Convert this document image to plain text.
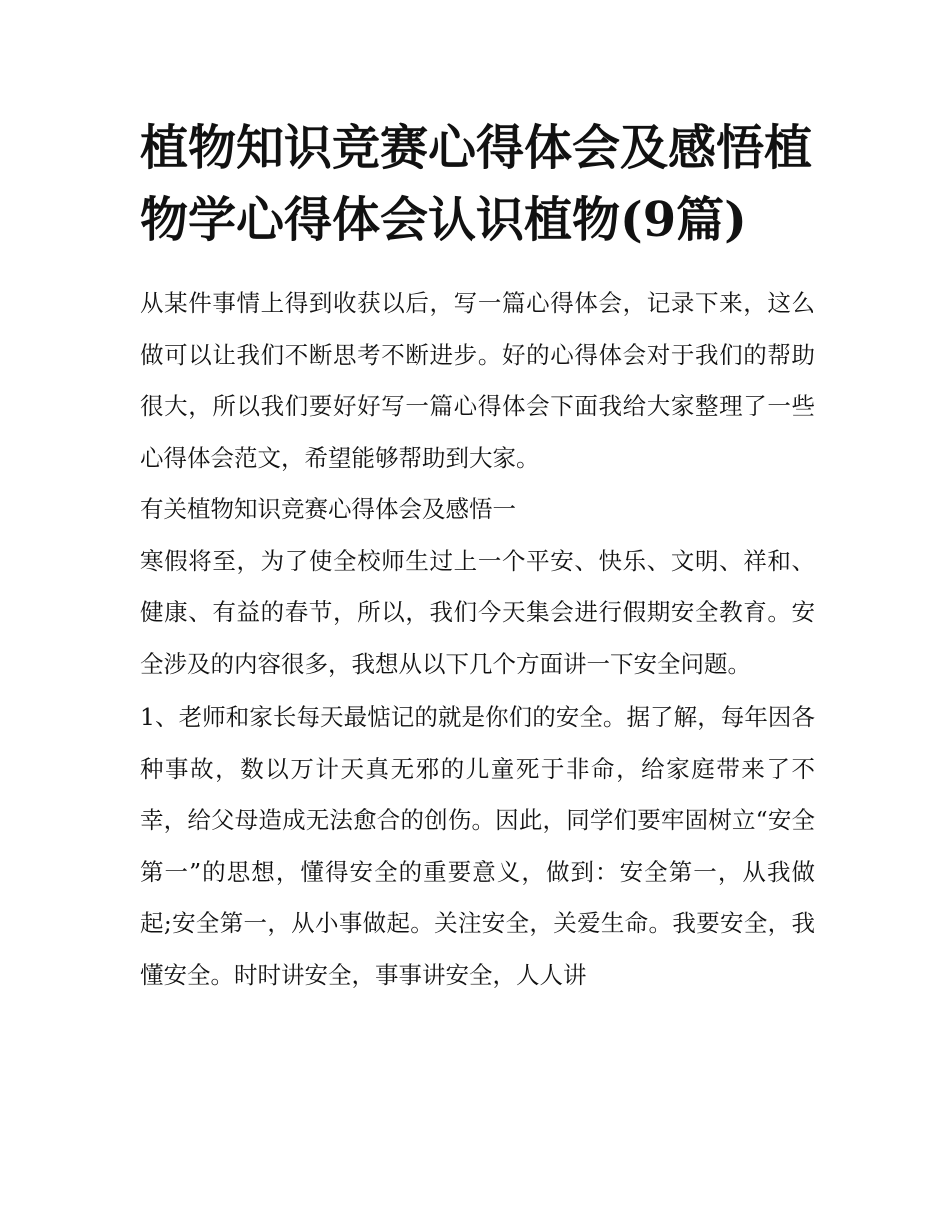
植物知识竞赛心得体会及感悟植物学心得体会认识植物(9篇)

从某件事情上得到收获以后，写一篇心得体会，记录下来，这么做可以让我们不断思考不断进步。好的心得体会对于我们的帮助很大，所以我们要好好写一篇心得体会下面我给大家整理了一些心得体会范文，希望能够帮助到大家。

有关植物知识竞赛心得体会及感悟一

寒假将至，为了使全校师生过上一个平安、快乐、文明、祥和、健康、有益的春节，所以，我们今天集会进行假期安全教育。安全涉及的内容很多，我想从以下几个方面讲一下安全问题。

1、老师和家长每天最惦记的就是你们的安全。据了解，每年因各种事故，数以万计天真无邪的儿童死于非命，给家庭带来了不幸，给父母造成无法愈合的创伤。因此，同学们要牢固树立“安全第一”的思想，懂得安全的重要意义，做到：安全第一，从我做起;安全第一，从小事做起。关注安全，关爱生命。我要安全，我懂安全。时时讲安全，事事讲安全，人人讲
